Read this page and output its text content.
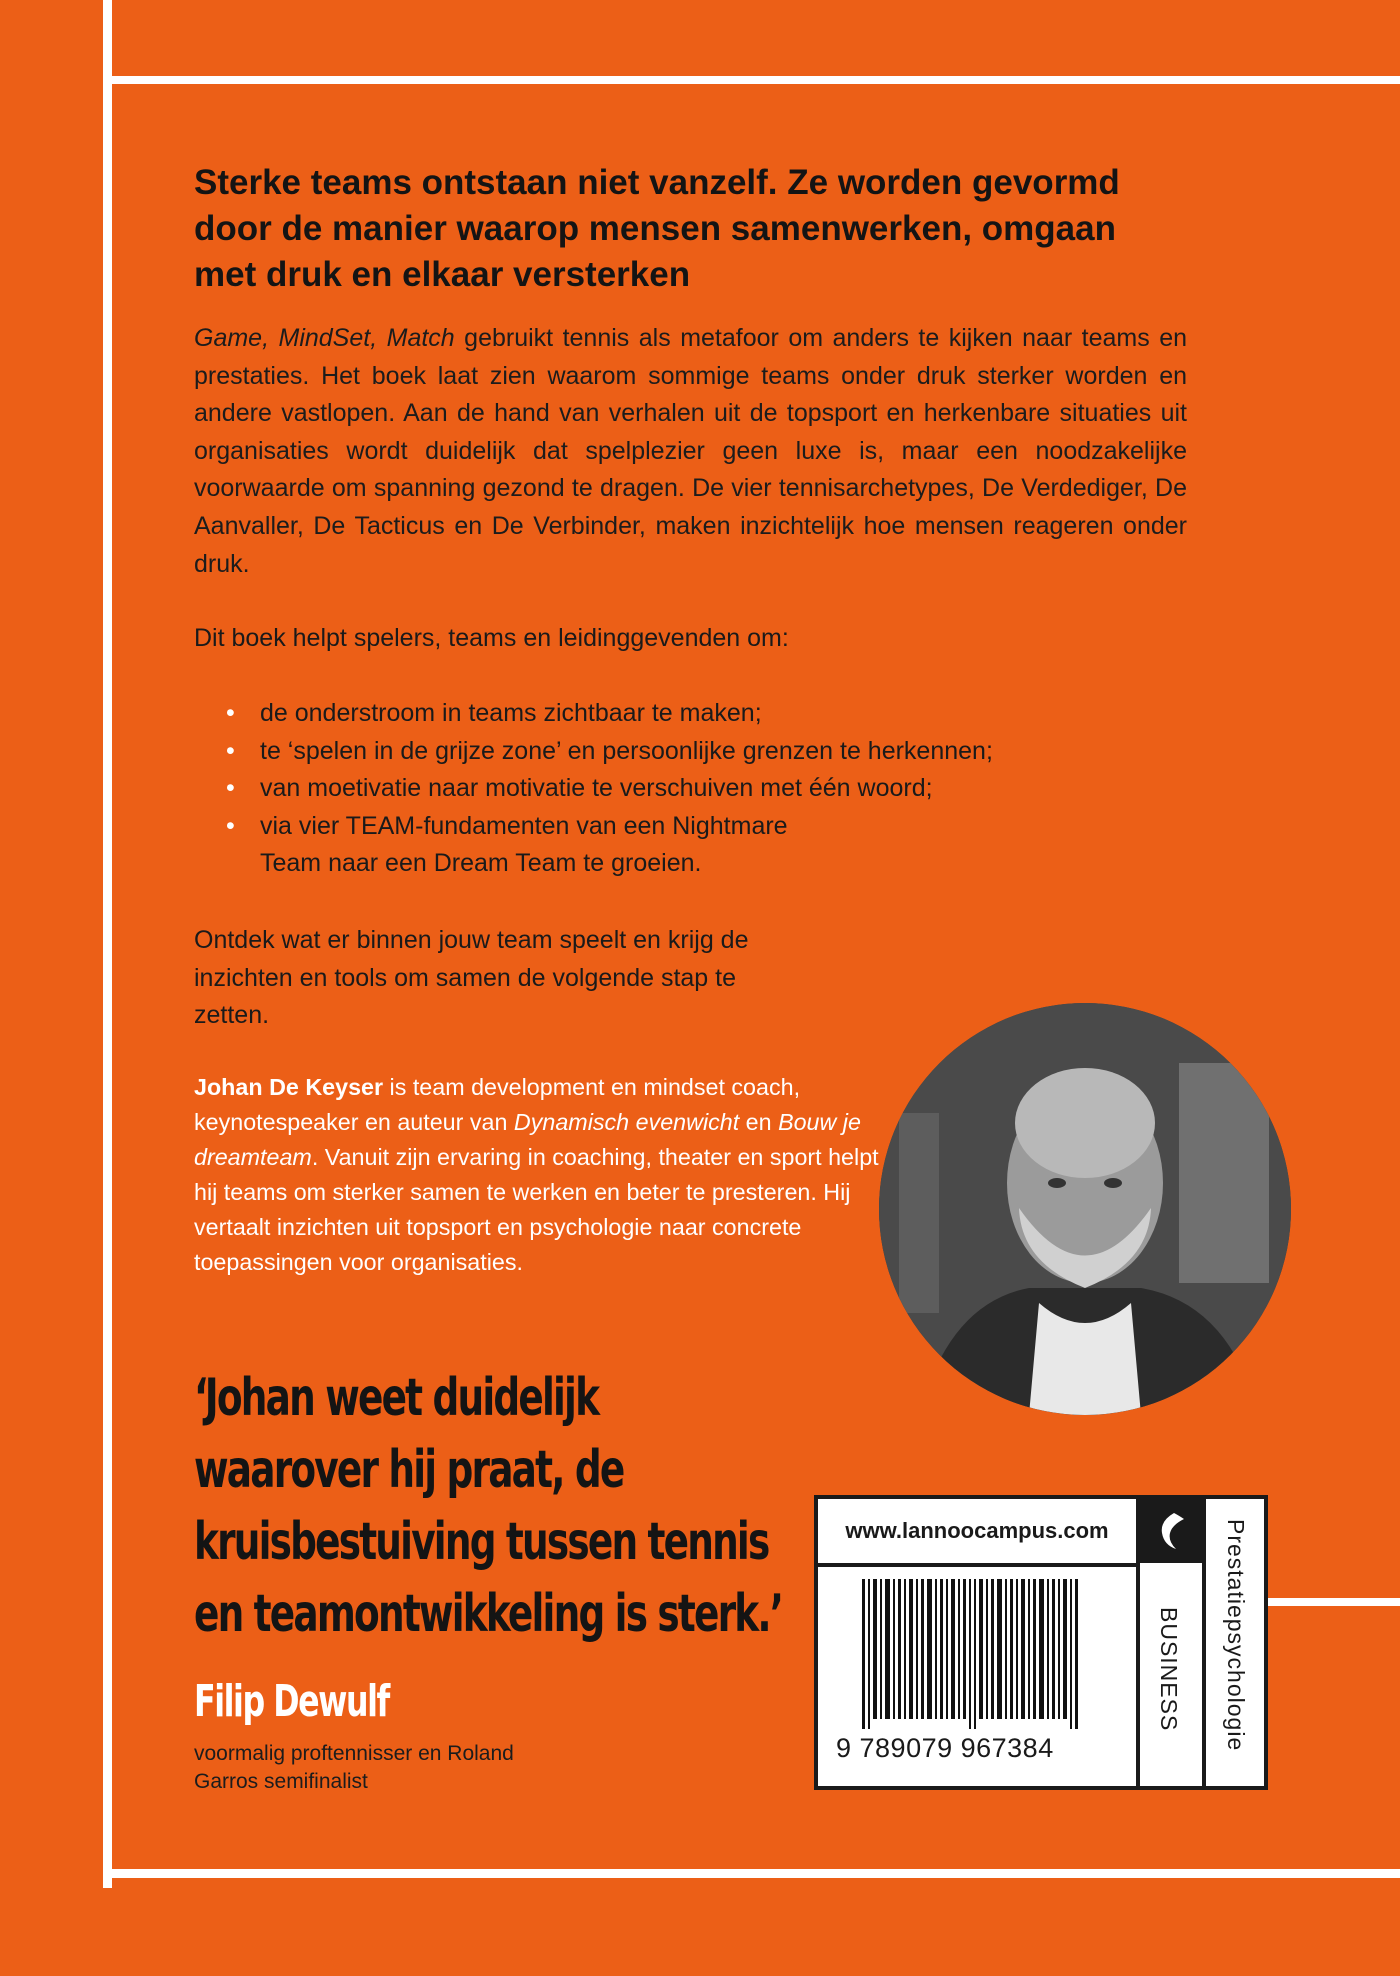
Sterke teams ontstaan niet vanzelf. Ze worden gevormd door de manier waarop mensen samenwerken, omgaan met druk en elkaar versterken

Game, MindSet, Match gebruikt tennis als metafoor om anders te kijken naar teams en prestaties. Het boek laat zien waarom sommige teams onder druk sterker worden en andere vastlopen. Aan de hand van verhalen uit de topsport en herkenbare situaties uit organisaties wordt duidelijk dat spelplezier geen luxe is, maar een noodzakelijke voorwaarde om spanning gezond te dragen. De vier tennisarchetypes, De Verdediger, De Aanvaller, De Tacticus en De Verbinder, maken inzichtelijk hoe mensen reageren onder druk.

Dit boek helpt spelers, teams en leidinggevenden om:

• de onderstroom in teams zichtbaar te maken;
• te ‘spelen in de grijze zone’ en persoonlijke grenzen te herkennen;
• van moetivatie naar motivatie te verschuiven met één woord;
• via vier TEAM-fundamenten van een Nightmare Team naar een Dream Team te groeien.

Ontdek wat er binnen jouw team speelt en krijg de inzichten en tools om samen de volgende stap te zetten.

Johan De Keyser is team development en mindset coach, keynotespeaker en auteur van Dynamisch evenwicht en Bouw je dreamteam. Vanuit zijn ervaring in coaching, theater en sport helpt hij teams om sterker samen te werken en beter te presteren. Hij vertaalt inzichten uit topsport en psychologie naar concrete toepassingen voor organisaties.

‘Johan weet duidelijk waarover hij praat, de kruisbestuiving tussen tennis en teamontwikkeling is sterk.’

Filip Dewulf

voormalig proftennisser en Roland Garros semifinalist

www.lannoocampus.com
BUSINESS Prestatiepsychologie
9 789079 967384
